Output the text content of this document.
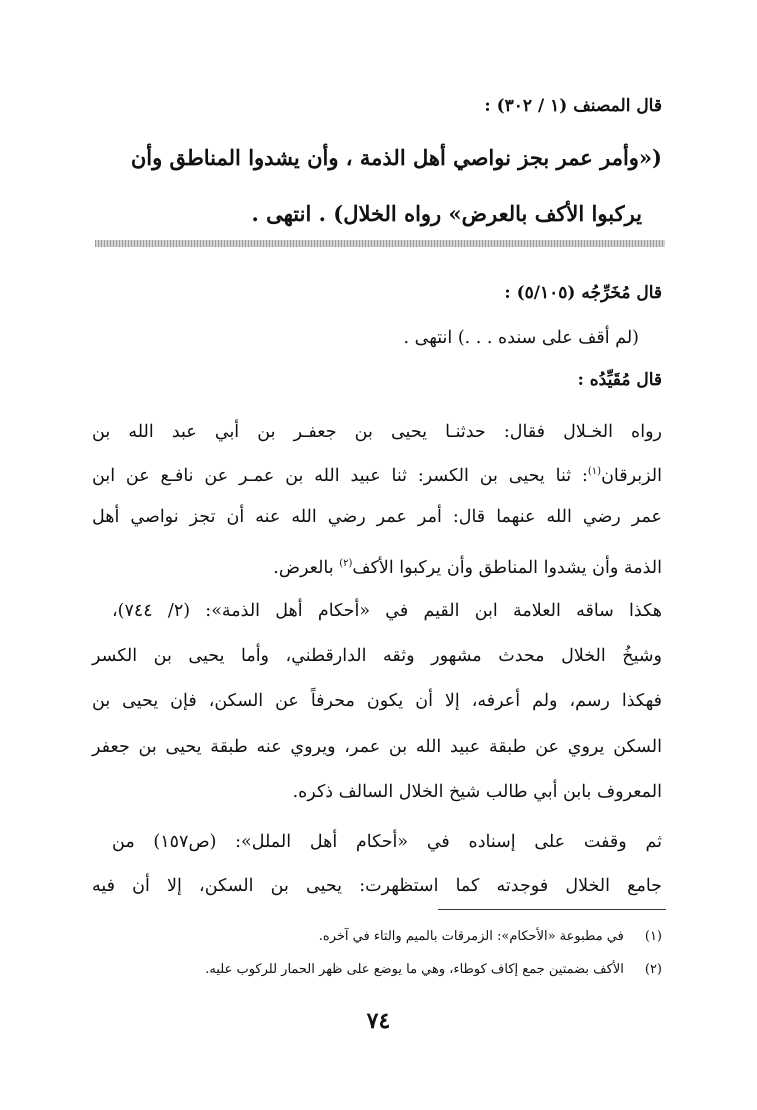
قال المصنف (١ / ٣٠٢) :
(«وأمر عمر بجز نواصي أهل الذمة ، وأن يشدوا المناطق وأن
يركبوا الأكف بالعرض» رواه الخلال) . انتهى .
قال مُخَرِّجُه (٥/١٠٥) :
(لم أقف على سنده . . .) انتهى .
قال مُقَيِّدُه :
رواه الخـلال فقال: حدثنـا يحيى بن جعفـر بن أبي عبد الله بن
الزبرقان$^{(١)}$: ثنا يحيى بن الكسر: ثنا عبيد الله بن عمـر عن نافـع عن ابن
عمر رضي الله عنهما قال: أمر عمر رضي الله عنه أن تجز نواصي أهل
الذمة وأن يشدوا المناطق وأن يركبوا الأكف$^{(٢)}$ بالعرض.
هكذا ساقه العلامة ابن القيم في «أحكام أهل الذمة»: (٢/ ٧٤٤)،
وشيخُ الخلال محدث مشهور وثقه الدارقطني، وأما يحيى بن الكسر
فهكذا رسم، ولم أعرفه، إلا أن يكون محرفاً عن السكن، فإن يحيى بن
السكن يروي عن طبقة عبيد الله بن عمر، ويروي عنه طبقة يحيى بن جعفر
المعروف بابن أبي طالب شيخ الخلال السالف ذكره.
ثم وقفت على إسناده في «أحكام أهل الملل»: (ص١٥٧) من
جامع الخلال فوجدته كما استظهرت: يحيى بن السكن، إلا أن فيه
(١) في مطبوعة «الأحكام»: الزمرقات بالميم والتاء في آخره.
(٢) الأكف بضمتين جمع إكاف كوطاء، وهي ما يوضع على ظهر الحمار للركوب عليه.
٧٤
